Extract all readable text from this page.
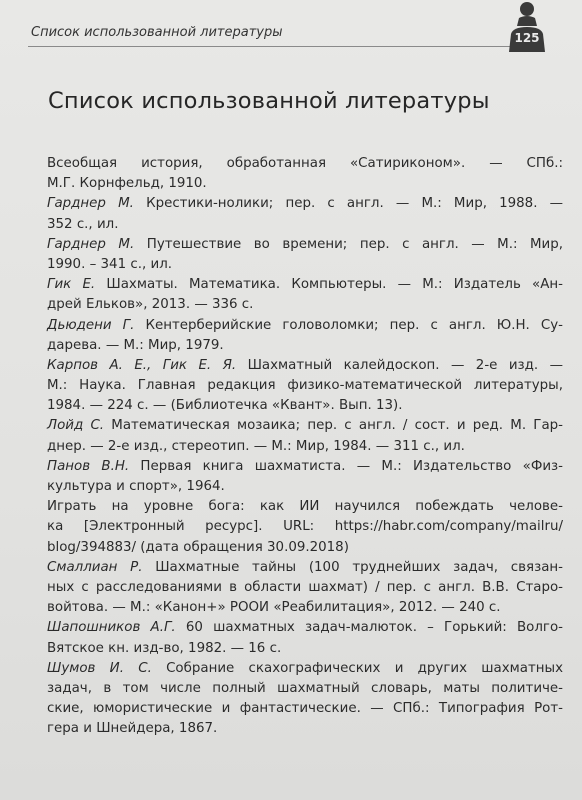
Список использованной литературы	125
Список использованной литературы
Всеобщая история, обработанная «Сатириконом». — СПб.:
М.Г. Корнфельд, 1910.
Гарднер М. Крестики-нолики; пер. с англ. — М.: Мир, 1988. —
352 с., ил.
Гарднер М. Путешествие во времени; пер. с англ. — М.: Мир,
1990. – 341 с., ил.
Гик Е. Шахматы. Математика. Компьютеры. — М.: Издатель «Ан-
дрей Ельков», 2013. — 336 с.
Дьюдени Г. Кентерберийские головоломки; пер. с англ. Ю.Н. Су-
дарева. — М.: Мир, 1979.
Карпов А. Е., Гик Е. Я. Шахматный калейдоскоп. — 2-е изд. —
М.: Наука. Главная редакция физико-математической литературы,
1984. — 224 с. — (Библиотечка «Квант». Вып. 13).
Лойд С. Математическая мозаика; пер. с англ. / сост. и ред. М. Гар-
днер. — 2-е изд., стереотип. — М.: Мир, 1984. — 311 с., ил.
Панов В.Н. Первая книга шахматиста. — М.: Издательство «Физ-
культура и спорт», 1964.
Играть на уровне бога: как ИИ научился побеждать челове-
ка [Электронный ресурс]. URL: https://habr.com/company/mailru/
blog/394883/ (дата обращения 30.09.2018)
Смаллиан Р. Шахматные тайны (100 труднейших задач, связан-
ных с расследованиями в области шахмат) / пер. с англ. В.В. Старо-
войтова. — М.: «Канон+» РООИ «Реабилитация», 2012. — 240 с.
Шапошников А.Г. 60 шахматных задач-малюток. – Горький: Волго-
Вятское кн. изд-во, 1982. — 16 с.
Шумов И. С. Собрание скахографических и других шахматных
задач, в том числе полный шахматный словарь, маты политиче-
ские, юмористические и фантастические. — СПб.: Типография Рот-
гера и Шнейдера, 1867.
